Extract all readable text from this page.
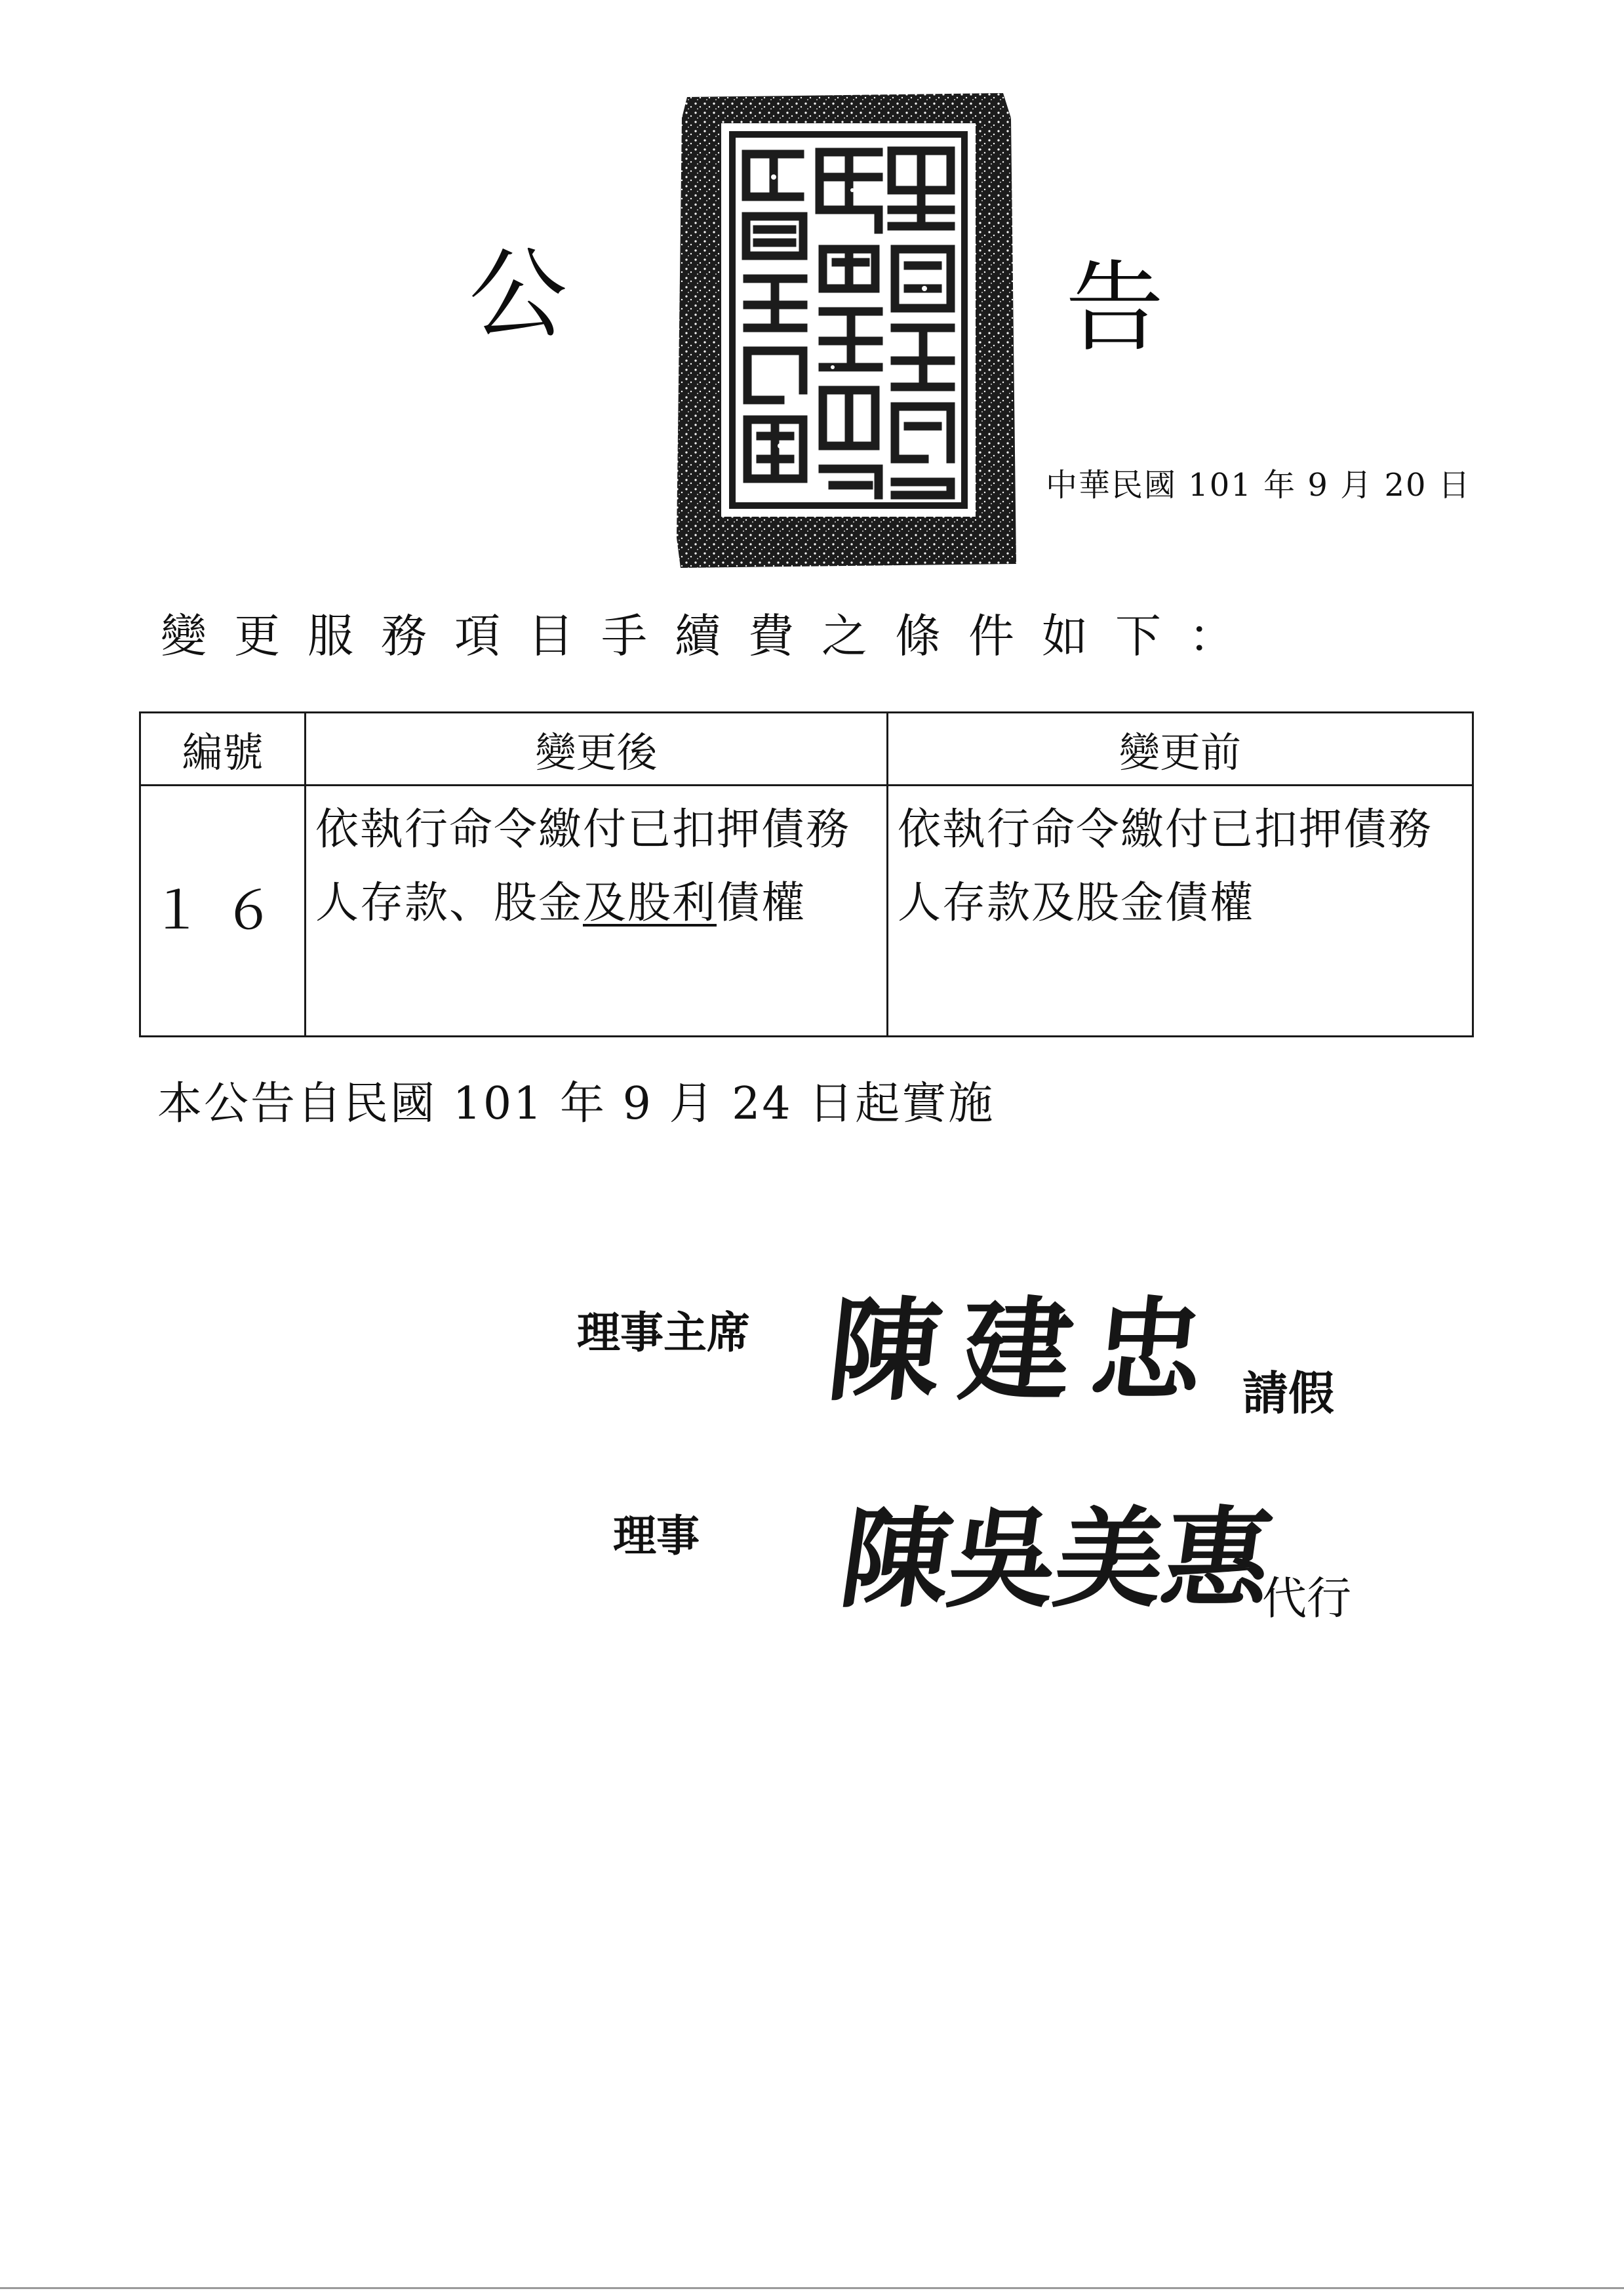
公	告
中華民國 101 年 9 月 20 日
變更服務項目手續費之條件如下：
編號	變更後	變更前
１６	依執行命令繳付已扣押債務人存款、股金及股利債權	依執行命令繳付已扣押債務人存款及股金債權
本公告自民國 101 年 9 月 24 日起實施
理事主席 陳建忠 請假
理事 陳吳美惠
代行
